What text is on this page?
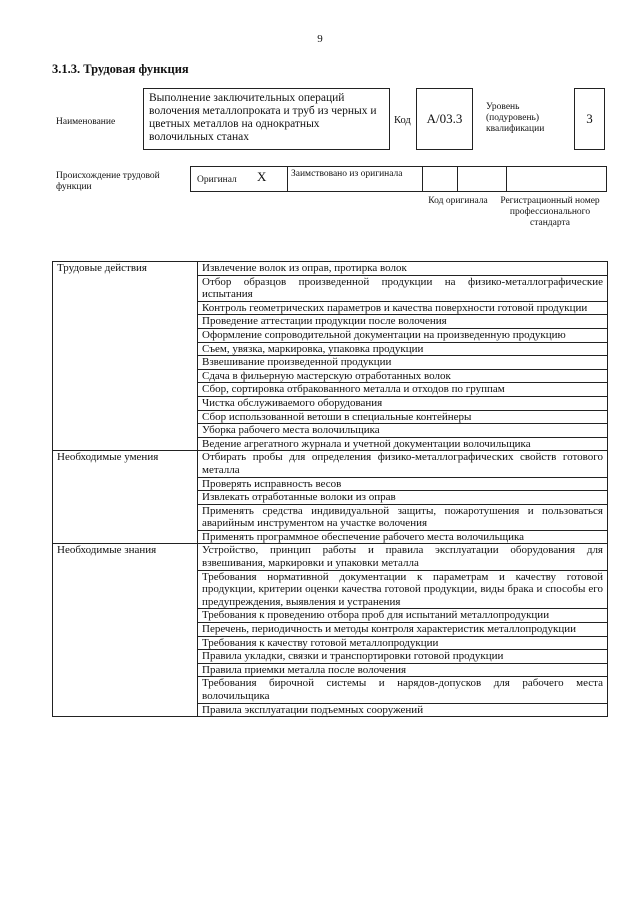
9
3.1.3. Трудовая функция
Наименование
Выполнение заключительных операций волочения металлопроката и труб из черных и цветных металлов на однократных волочильных станах
Код	A/03.3
Уровень (подуровень) квалификации
3
Происхождение трудовой функции
Оригинал X	Заимствовано из оригинала
Код оригинала Регистрационный номер профессионального стандарта
Трудовые действия	Извлечение волок из оправ, протирка волок
	Отбор образцов произведенной продукции на физико-металлографические испытания
	Контроль геометрических параметров и качества поверхности готовой продукции
	Проведение аттестации продукции после волочения
	Оформление сопроводительной документации на произведенную продукцию
	Съем, увязка, маркировка, упаковка продукции
	Взвешивание произведенной продукции
	Сдача в фильерную мастерскую отработанных волок
	Сбор, сортировка отбракованного металла и отходов по группам
	Чистка обслуживаемого оборудования
	Сбор использованной ветоши в специальные контейнеры
	Уборка рабочего места волочильщика
	Ведение агрегатного журнала и учетной документации волочильщика
Необходимые умения	Отбирать пробы для определения физико-металлографических свойств готового металла
	Проверять исправность весов
	Извлекать отработанные волоки из оправ
	Применять средства индивидуальной защиты, пожаротушения и пользоваться аварийным инструментом на участке волочения
	Применять программное обеспечение рабочего места волочильщика
Необходимые знания	Устройство, принцип работы и правила эксплуатации оборудования для взвешивания, маркировки и упаковки металла
	Требования нормативной документации к параметрам и качеству готовой продукции, критерии оценки качества готовой продукции, виды брака и способы его предупреждения, выявления и устранения
	Требования к проведению отбора проб для испытаний металлопродукции
	Перечень, периодичность и методы контроля характеристик металлопродукции
	Требования к качеству готовой металлопродукции
	Правила укладки, связки и транспортировки готовой продукции
	Правила приемки металла после волочения
	Требования бирочной системы и нарядов-допусков для рабочего места волочильщика
	Правила эксплуатации подъемных сооружений
